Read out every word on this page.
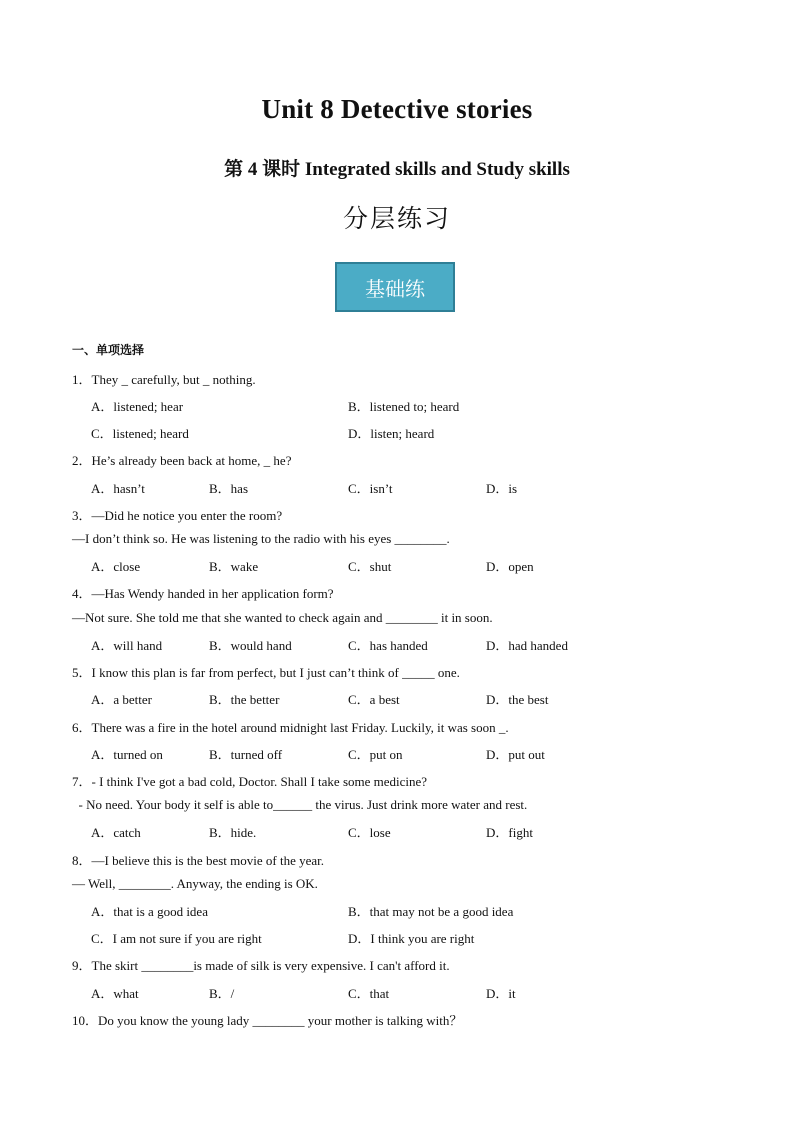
Unit 8 Detective stories
第 4 课时 Integrated skills and Study skills
分层练习
基础练
一、单项选择
1．They _ carefully, but _ nothing.
A．listened; hear	B．listened to; heard
C．listened; heard	D．listen; heard
2．He’s already been back at home, _ he?
A．hasn’t	B．has	C．isn’t	D．is
3．—Did he notice you enter the room?
—I don’t think so. He was listening to the radio with his eyes ________.
A．close	B．wake	C．shut	D．open
4．—Has Wendy handed in her application form?
—Not sure. She told me that she wanted to check again and ________ it in soon.
A．will hand	B．would hand	C．has handed	D．had handed
5．I know this plan is far from perfect, but I just can’t think of _____ one.
A．a better	B．the better	C．a best	D．the best
6．There was a fire in the hotel around midnight last Friday. Luckily, it was soon _.
A．turned on	B．turned off	C．put on	D．put out
7．- I think I've got a bad cold, Doctor. Shall I take some medicine?
- No need. Your body it self is able to______ the virus. Just drink more water and rest.
A．catch	B．hide.	C．lose	D．fight
8．—I believe this is the best movie of the year.
— Well, ________. Anyway, the ending is OK.
A．that is a good idea	B．that may not be a good idea
C．I am not sure if you are right	D．I think you are right
9．The skirt ________is made of silk is very expensive. I can't afford it.
A．what	B．/	C．that	D．it
10．Do you know the young lady ________ your mother is talking with？
